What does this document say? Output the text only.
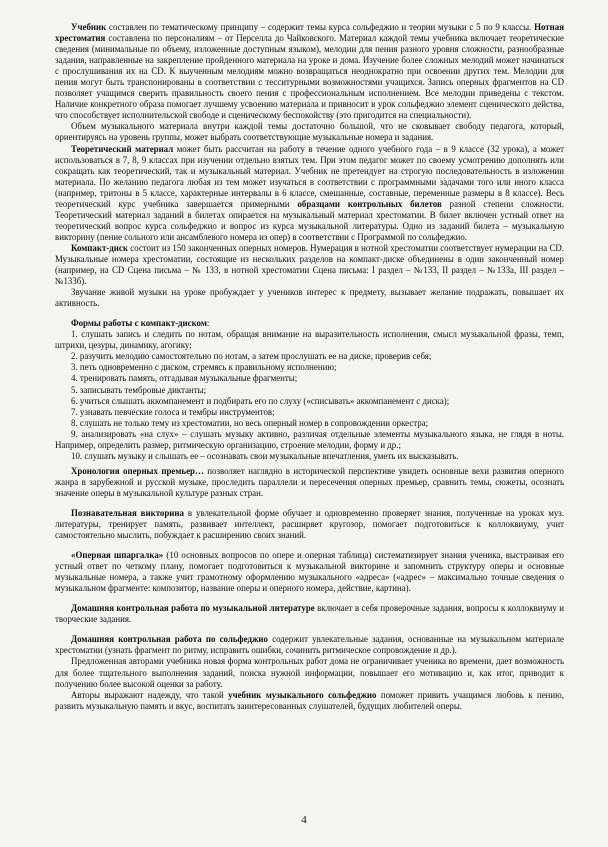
Учебник составлен по тематическому принципу – содержит темы курса сольфеджио и теории музыки с 5 по 9 классы. Нотная хрестоматия составлена по персоналиям – от Перселла до Чайковского. Материал каждой темы учебника включает теоретические сведения (минимальные по объему, изложенные доступным языком), мелодии для пения разного уровня сложности, разнообразные задания, направленные на закрепление пройденного материала на уроке и дома. Изучение более сложных мелодий может начинаться с прослушивания их на CD. К выученным мелодиям можно возвращаться неоднократно при освоении других тем. Мелодии для пения могут быть транспонированы в соответствии с тесситурными возможностями учащихся. Запись оперных фрагментов на CD позволяет учащимся сверить правильность своего пения с профессиональным исполнением. Все мелодии приведены с текстом. Наличие конкретного образа помогает лучшему усвоению материала и привносит в урок сольфеджио элемент сценического действа, что способствует исполнительской свободе и сценическому беспокойству (это пригодится на специальности).

Объем музыкального материала внутри каждой темы достаточно большой, что не сковывает свободу педагога, который, ориентируясь на уровень группы, может выбрать соответствующие музыкальные номера и задания.

Теоретический материал может быть рассчитан на работу в течение одного учебного года – в 9 классе (32 урока), а может использоваться в 7, 8, 9 классах при изучении отдельно взятых тем. При этом педагог может по своему усмотрению дополнять или сокращать как теоретический, так и музыкальный материал. Учебник не претендует на строгую последовательность в изложении материала. По желанию педагога любая из тем может изучаться в соответствии с программными задачами того или иного класса (например, тритоны в 5 классе, характерные интервалы в 6 классе, смешанные, составные, переменные размеры в 8 классе). Весь теоретический курс учебника завершается примерными образцами контрольных билетов разной степени сложности. Теоретический материал заданий в билетах опирается на музыкальный материал хрестоматии. В билет включен устный ответ на теоретический вопрос курса сольфеджио и вопрос из курса музыкальной литературы. Одно из заданий билета – музыкальную викторину (пение сольного или ансамблевого номера из опер) в соответствии с Программой по сольфеджио.

Компакт-диск состоит из 150 законченных оперных номеров. Нумерация в нотной хрестоматии соответствует нумерации на CD. Музыкальные номера хрестоматии, состоящие из нескольких разделов на компакт-диске объединены в один законченный номер (например, на CD Сцена письма – № 133, в нотной хрестоматии Сцена письма: I раздел – №133, II раздел – №133а, III раздел – №133б).

Звучание живой музыки на уроке пробуждает у учеников интерес к предмету, вызывает желание подражать, повышает их активность.

Формы работы с компакт-диском:

1. слушать запись и следить по нотам, обращая внимание на выразительность исполнения, смысл музыкальной фразы, темп, штрихи, цезуры, динамику, агогику;
2. разучить мелодию самостоятельно по нотам, а затем прослушать ее на диске, проверив себя;
3. петь одновременно с диском, стремясь к правильному исполнению;
4. тренировать память, отгадывая музыкальные фрагменты;
5. записывать тембровые диктанты;
6. учиться слышать аккомпанемент и подбирать его по слуху («списывать» аккомпанемент с диска);
7. узнавать певческие голоса и тембры инструментов;
8. слушать не только тему из хрестоматии, но весь оперный номер в сопровождении оркестра;
9. анализировать «на слух» – слушать музыку активно, различая отдельные элементы музыкального языка, не глядя в ноты. Например, определить размер, ритмическую организацию, строение мелодии, форму и др.;
10. слушать музыку и слышать ее – осознавать свои музыкальные впечатления, уметь их высказывать.

Хронология оперных премьер… позволяет наглядно в исторической перспективе увидеть основные вехи развития оперного жанра в зарубежной и русской музыке, проследить параллели и пересечения оперных премьер, сравнить темы, сюжеты, осознать значение оперы в музыкальной культуре разных стран.

Познавательная викторина в увлекательной форме обучает и одновременно проверяет знания, полученные на уроках муз. литературы, тренирует память, развивает интеллект, расширяет кругозор, помогает подготовиться к коллоквиуму, учит самостоятельно мыслить, побуждает к расширению своих знаний.

«Оперная шпаргалка» (10 основных вопросов по опере и оперная таблица) систематизирует знания ученика, выстраивая его устный ответ по четкому плану, помогает подготовиться к музыкальной викторине и запомнить структуру оперы и основные музыкальные номера, а также учит грамотному оформлению музыкального «адреса» («адрес» – максимально точные сведения о музыкальном фрагменте: композитор, название оперы и оперного номера, действие, картина).

Домашняя контрольная работа по музыкальной литературе включает в себя проверочные задания, вопросы к коллоквиуму и творческие задания.

Домашняя контрольная работа по сольфеджио содержит увлекательные задания, основанные на музыкальном материале хрестоматии (узнать фрагмент по ритму, исправить ошибки, сочинить ритмическое сопровождение и др.).

Предложенная авторами учебника новая форма контрольных работ дома не ограничивает ученика во времени, дает возможность для более тщательного выполнения заданий, поиска нужной информации, повышает его мотивацию и, как итог, приводит к получению более высокой оценки за работу.

Авторы выражают надежду, что такой учебник музыкального сольфеджио поможет привить учащимся любовь к пению, развить музыкальную память и вкус, воспитать заинтересованных слушателей, будущих любителей оперы.

4
